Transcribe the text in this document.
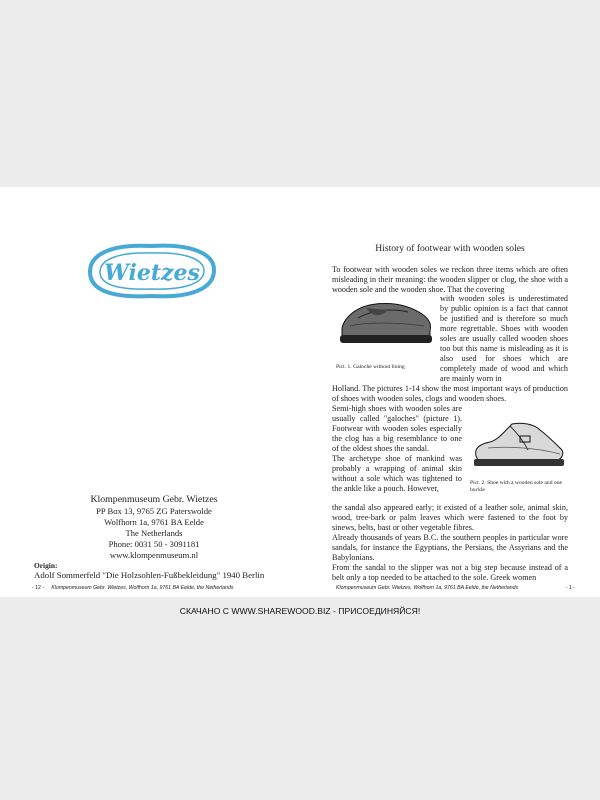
Wietzes
Klompenmuseum Gebr. Wietzes
PP Box 13, 9765 ZG Paterswolde
Wolfhorn 1a, 9761 BA Eelde
The Netherlands
Phone: 0031 50 - 3091181
www.klompenmuseum.nl
Origin:
Adolf Sommerfeld "Die Holzsohlen-Fußbekleidung" 1940 Berlin
- 12 - Klompenmuseum Gebr. Wietzes, Wolfhorn 1a, 9761 BA Eelde, the Netherlands
History of footwear with wooden soles
To footwear with wooden soles we reckon three items which are often misleading in their meaning: the wooden slipper or clog, the shoe with a wooden sole and the wooden shoe. That the covering
Pict. 1. Galoche without lining
with wooden soles is underestimated by public opinion is a fact that cannot be justified and is therefore so much more regrettable. Shoes with wooden soles are usually called wooden shoes too but this name is misleading as it is also used for shoes which are completely made of wood and which are mainly worn in
Holland. The pictures 1-14 show the most important ways of production of shoes with wooden soles, clogs and wooden shoes.
Semi-high shoes with wooden soles are usually called "galoches" (picture 1). Footwear with wooden soles especially the clog has a big resemblance to one of the oldest shoes the sandal.
The archetype shoe of mankind was probably a wrapping of animal skin without a sole which was tightened to the ankle like a pouch. However,
Pict. 2. Shoe with a wooden sole and one buckle
the sandal also appeared early; it existed of a leather sole, animal skin, wood, tree-bark or palm leaves which were fastened to the foot by sinews, belts, bast or other vegetable fibres.
Already thousands of years B.C. the southern peoples in particular wore sandals, for instance the Egyptians, the Persians, the Assyrians and the Babylonians.
From the sandal to the slipper was not a big step because instead of a belt only a top needed to be attached to the sole. Greek women
Klompenmuseum Gebr. Wietzes, Wolfhorn 1a, 9761 BA Eelde, the Netherlands	- 1 -
СКАЧАНО С WWW.SHAREWOOD.BIZ - ПРИСОЕДИНЯЙСЯ!
